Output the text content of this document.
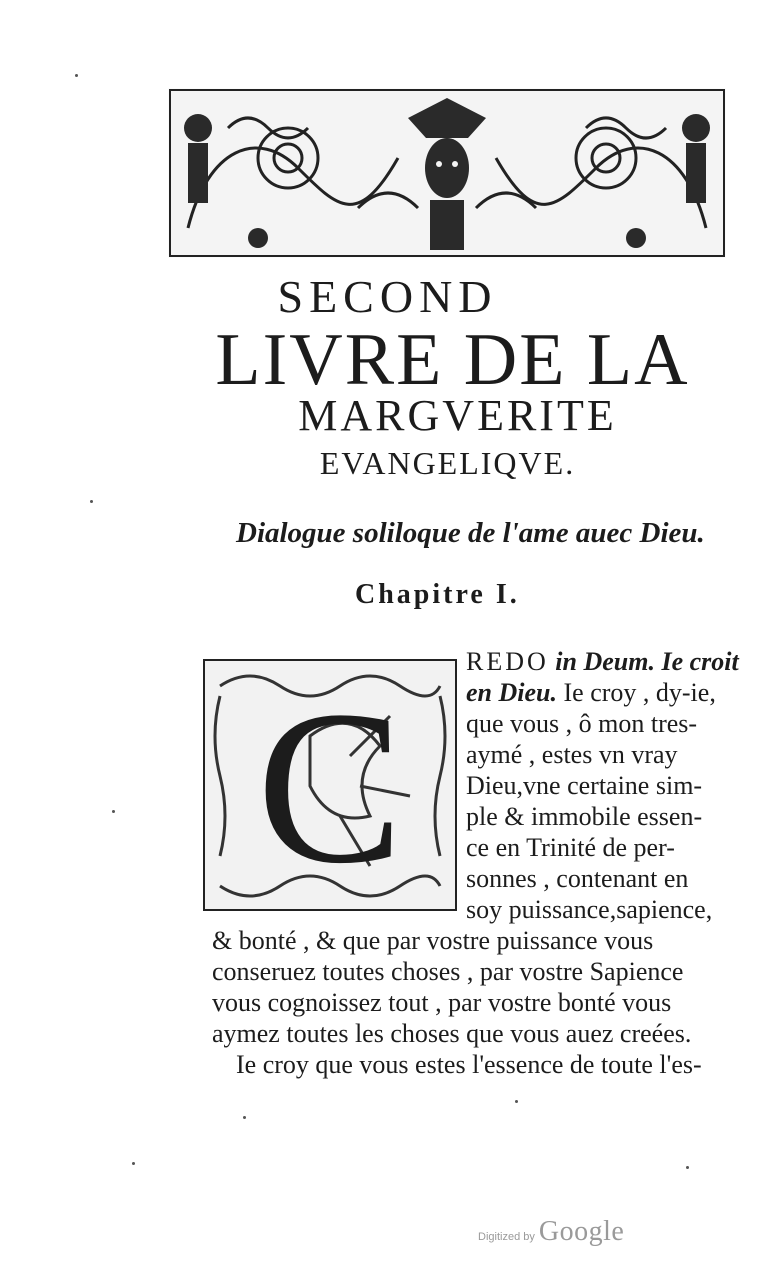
SECOND
LIVRE DE LA
MARGVERITE
EVANGELIQVE.
Dialogue soliloque de l'ame auec Dieu.
Chapitre I.
C
REDO in Deum. Ie croit
en Dieu. Ie croy , dy-ie,
que vous , ô mon tres-
aymé , estes vn vray
Dieu,vne certaine sim-
ple & immobile essen-
ce en Trinité de per-
sonnes , contenant en
soy puissance,sapience,
& bonté , & que par vostre puissance vous
conseruez toutes choses , par vostre Sapience
vous cognoissez tout , par vostre bonté vous
aymez toutes les choses que vous auez creées.
Ie croy que vous estes l'essence de toute l'es-
Digitized by Google
